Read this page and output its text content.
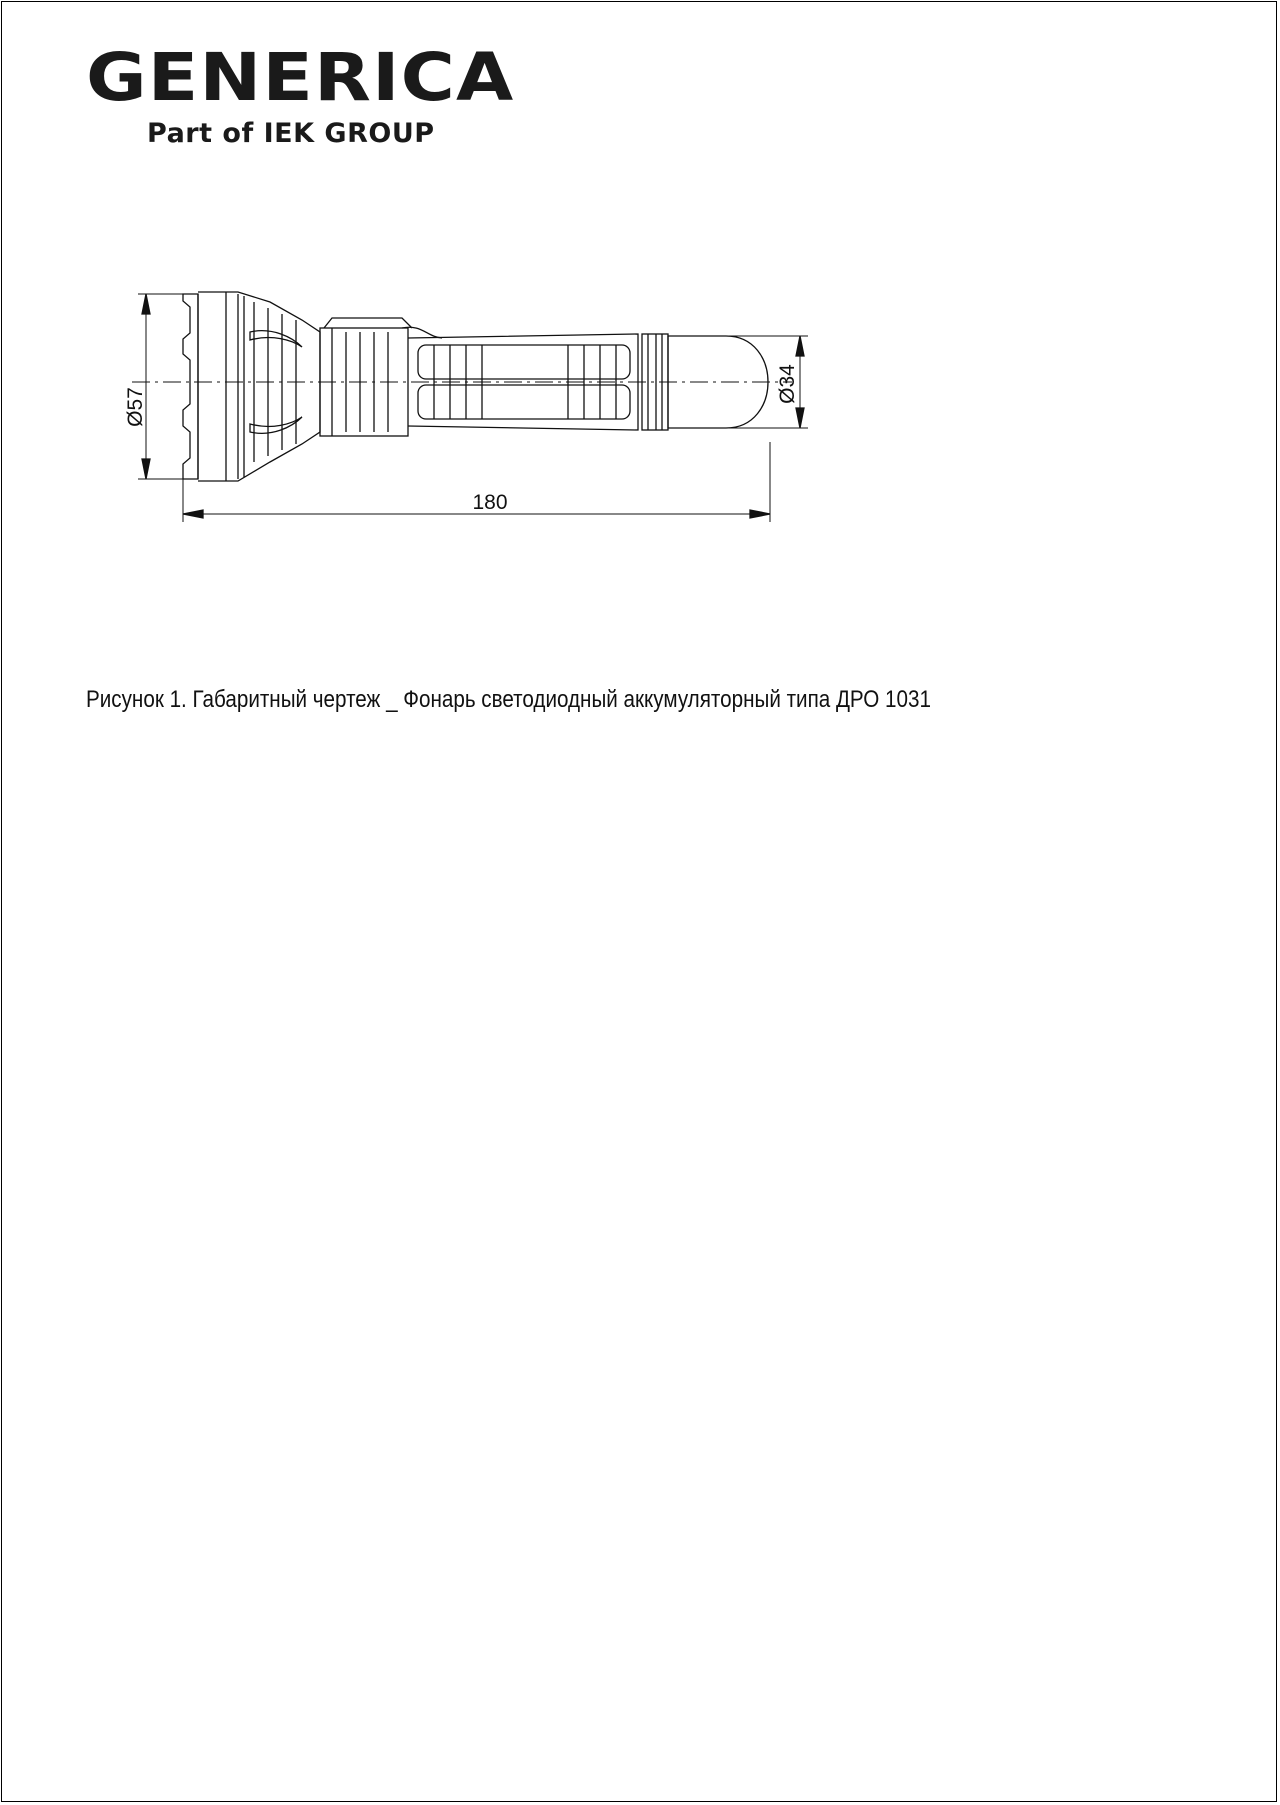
GENERICA
Part of IEK GROUP
Ø57
Ø34
180
Рисунок 1. Габаритный чертеж _ Фонарь светодиодный аккумуляторный типа ДРО 1031
